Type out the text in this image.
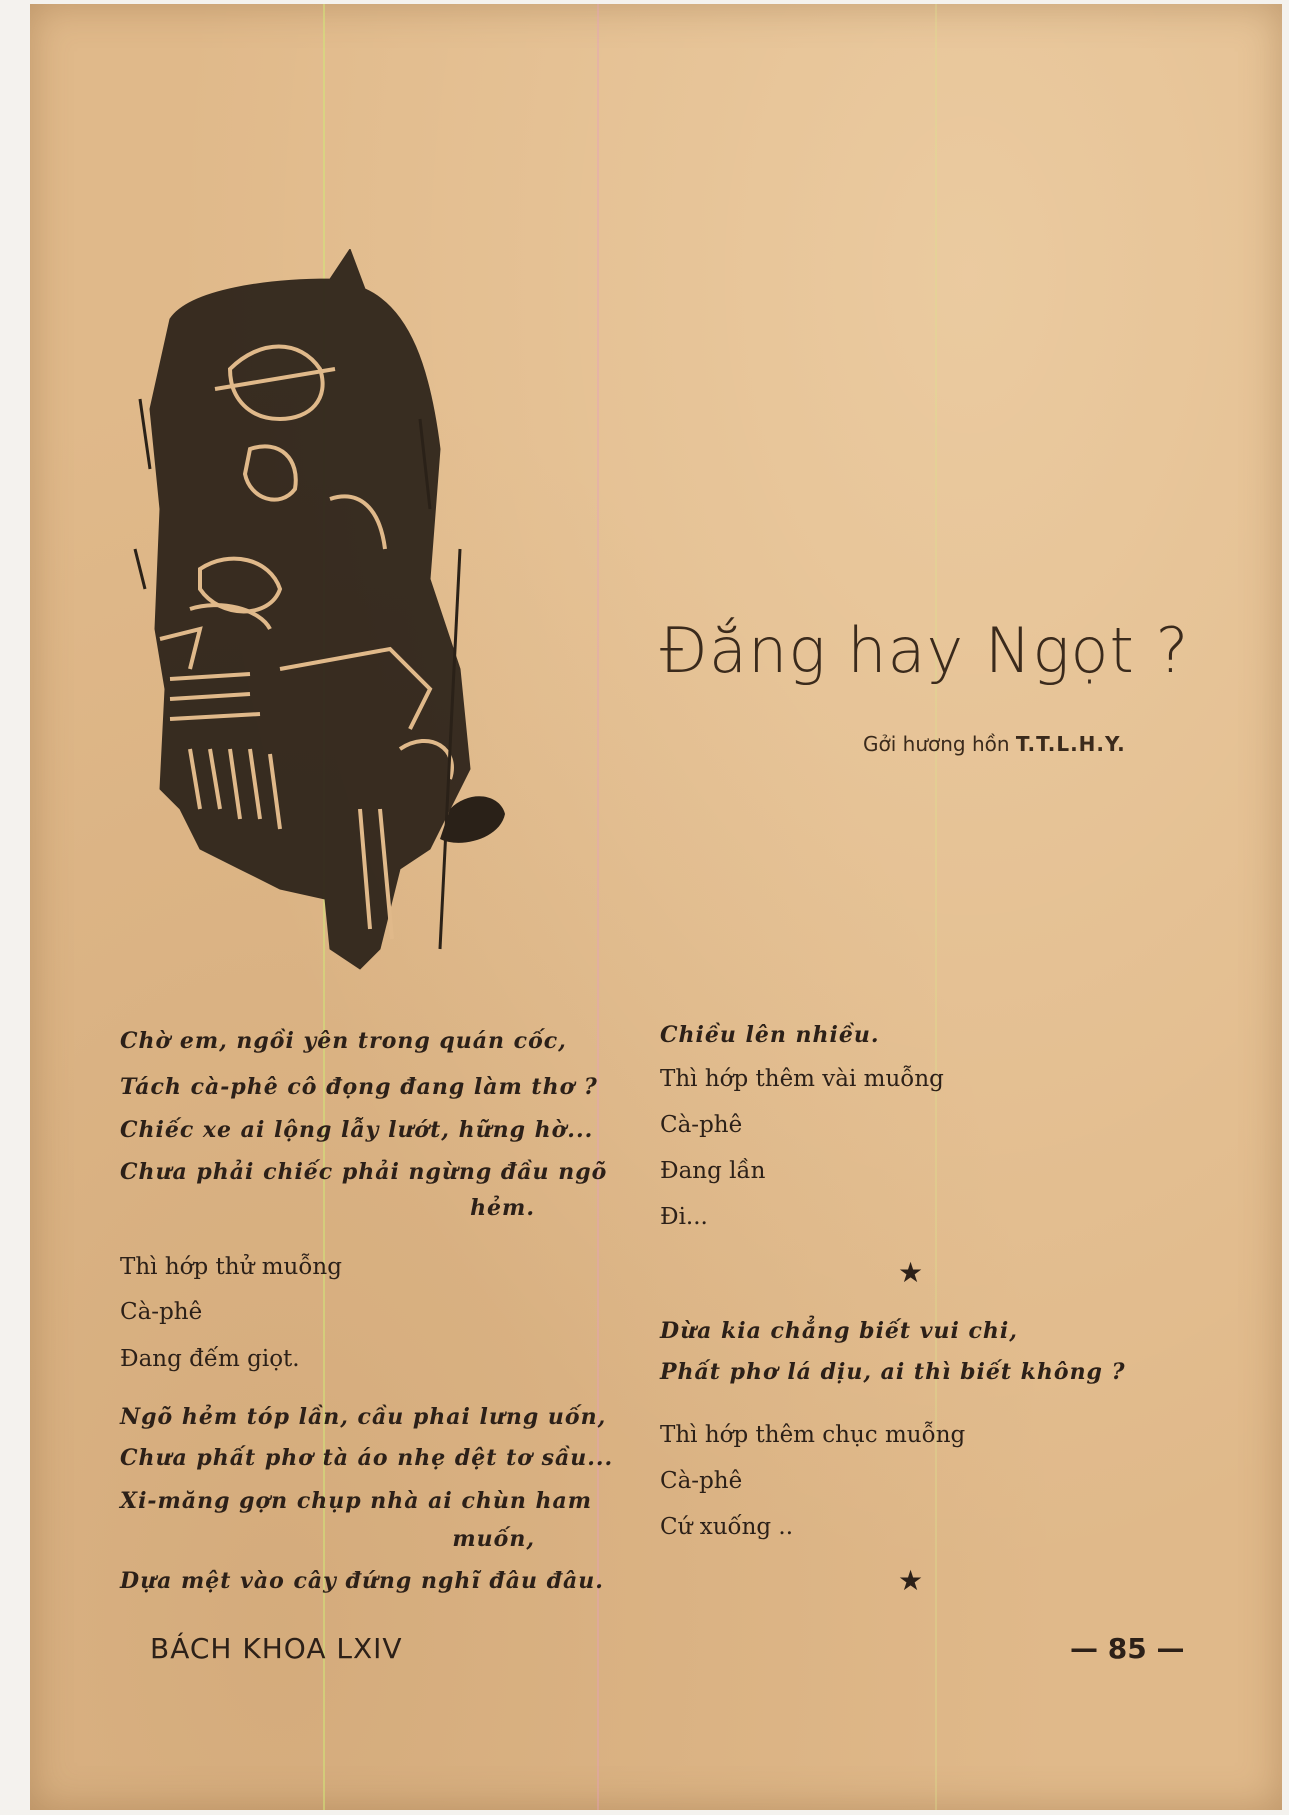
Đắng hay Ngọt ?
Gởi hương hồn T.T.L.H.Y.
Chờ em, ngồi yên trong quán cốc,
Tách cà-phê cô đọng đang làm thơ ?
Chiếc xe ai lộng lẫy lướt, hững hờ...
Chưa phải chiếc phải ngừng đầu ngõ
hẻm.
Thì hớp thử muỗng
Cà-phê
Đang đếm giọt.
Ngõ hẻm tóp lần, cầu phai lưng uốn,
Chưa phất phơ tà áo nhẹ dệt tơ sầu...
Xi-măng gợn chụp nhà ai chùn ham
muốn,
Dựa mệt vào cây đứng nghĩ đâu đâu.
Chiều lên nhiều.
Thì hớp thêm vài muỗng
Cà-phê
Đang lần
Đi...
★
Dừa kia chẳng biết vui chi,
Phất phơ lá dịu, ai thì biết không ?
Thì hớp thêm chục muỗng
Cà-phê
Cứ xuống ..
★
BÁCH KHOA LXIV	— 85 —
